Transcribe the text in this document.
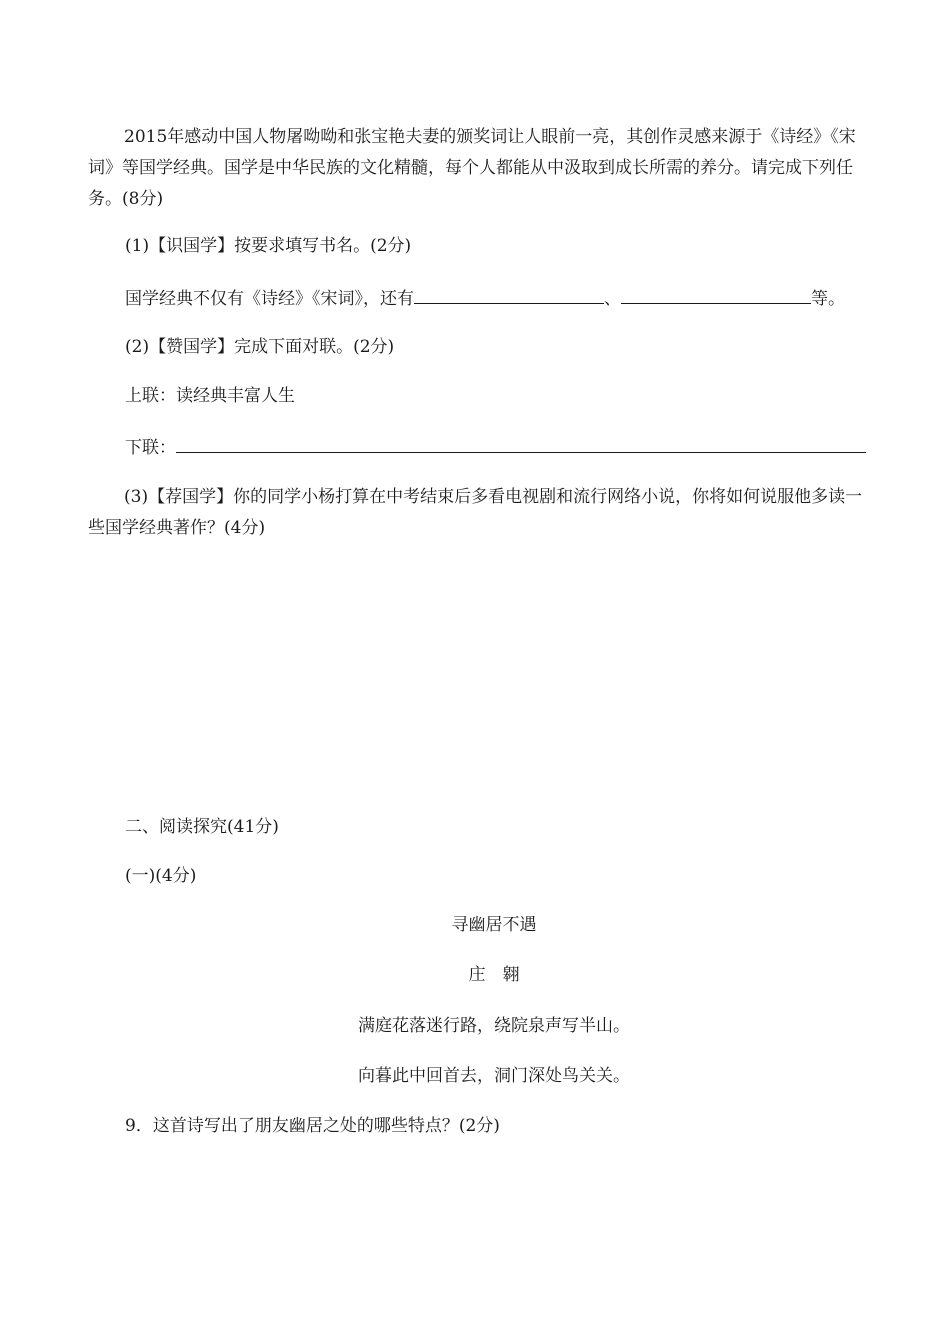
2015年感动中国人物屠呦呦和张宝艳夫妻的颁奖词让人眼前一亮，其创作灵感来源于《诗经》《宋词》等国学经典。国学是中华民族的文化精髓，每个人都能从中汲取到成长所需的养分。请完成下列任务。(8分)

(1)【识国学】按要求填写书名。(2分)

国学经典不仅有《诗经》《宋词》，还有	、	等。

(2)【赞国学】完成下面对联。(2分)

上联：读经典丰富人生

下联：

(3)【荐国学】你的同学小杨打算在中考结束后多看电视剧和流行网络小说，你将如何说服他多读一些国学经典著作？(4分)

二、阅读探究(41分)

(一)(4分)

寻幽居不遇

庄　翱

满庭花落迷行路，绕院泉声写半山。

向暮此中回首去，洞门深处鸟关关。

9．这首诗写出了朋友幽居之处的哪些特点？(2分)
